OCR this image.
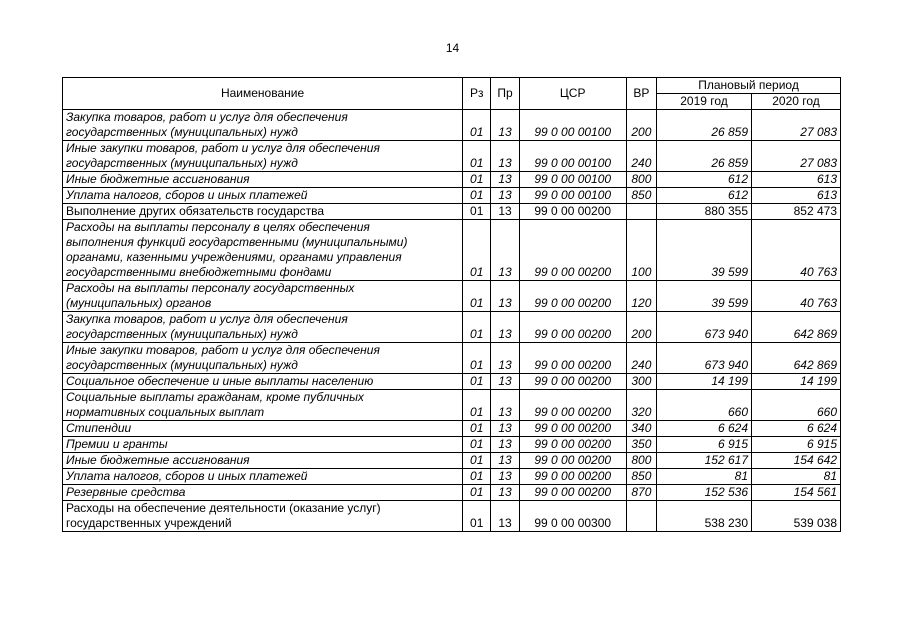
14
Наименование	Рз	Пр	ЦСР	ВР	Плановый период	
					2019 год	2020 год

Закупка товаров, работ и услуг для обеспечения
государственных (муниципальных) нужд	01	13	99 0 00 00100	200	26 859	27 083

Иные закупки товаров, работ и услуг для обеспечения
государственных (муниципальных) нужд	01	13	99 0 00 00100	240	26 859	27 083

Иные бюджетные ассигнования	01	13	99 0 00 00100	800	612	613

Уплата налогов, сборов и иных платежей	01	13	99 0 00 00100	850	612	613

Выполнение других обязательств государства	01	13	99 0 00 00200		880 355	852 473

Расходы на выплаты персоналу в целях обеспечения
выполнения функций государственными (муниципальными)
органами, казенными учреждениями, органами управления
государственными внебюджетными фондами	01	13	99 0 00 00200	100	39 599	40 763

Расходы на выплаты персоналу государственных
(муниципальных) органов	01	13	99 0 00 00200	120	39 599	40 763

Закупка товаров, работ и услуг для обеспечения
государственных (муниципальных) нужд	01	13	99 0 00 00200	200	673 940	642 869

Иные закупки товаров, работ и услуг для обеспечения
государственных (муниципальных) нужд	01	13	99 0 00 00200	240	673 940	642 869

Социальное обеспечение и иные выплаты населению	01	13	99 0 00 00200	300	14 199	14 199

Социальные выплаты гражданам, кроме публичных
нормативных социальных выплат	01	13	99 0 00 00200	320	660	660

Стипендии	01	13	99 0 00 00200	340	6 624	6 624

Премии и гранты	01	13	99 0 00 00200	350	6 915	6 915

Иные бюджетные ассигнования	01	13	99 0 00 00200	800	152 617	154 642

Уплата налогов, сборов и иных платежей	01	13	99 0 00 00200	850	81	81

Резервные средства	01	13	99 0 00 00200	870	152 536	154 561

Расходы на обеспечение деятельности (оказание услуг)
государственных учреждений	01	13	99 0 00 00300		538 230	539 038
